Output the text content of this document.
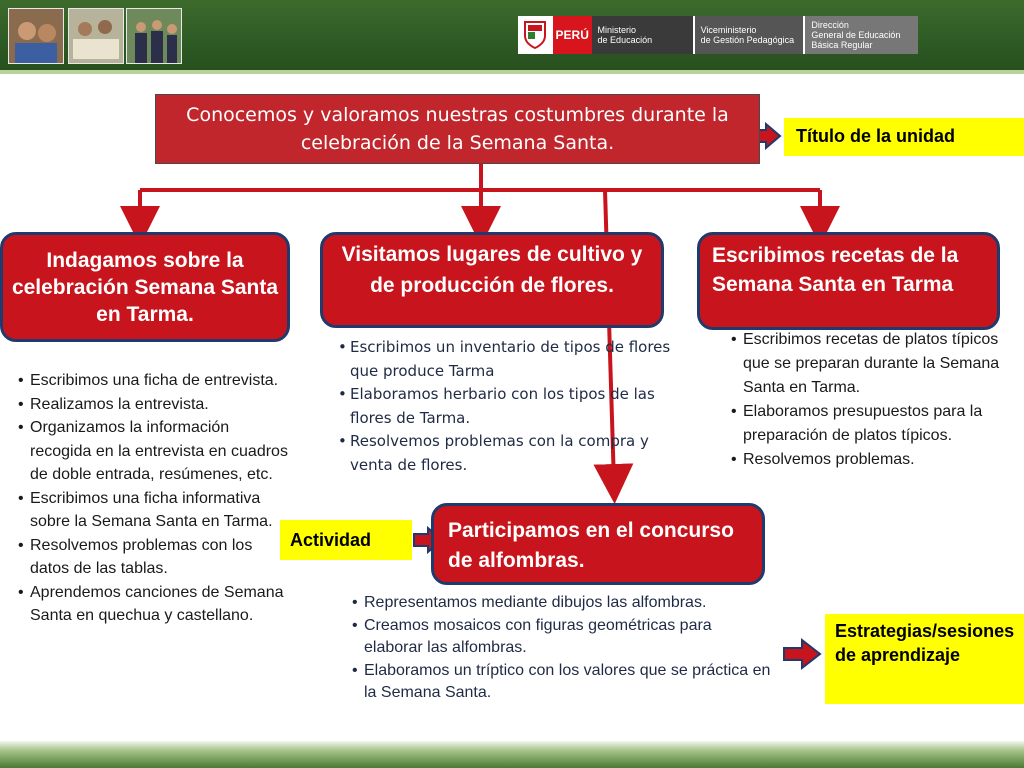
PERÚ Ministerio
de Educación
Viceministerio
de Gestión Pedagógica
Dirección
General de Educación
Básica Regular
Conocemos y valoramos nuestras costumbres durante la celebración de la Semana Santa.	Título de la unidad
Actividad
Estrategias/sesiones de aprendizaje
Indagamos sobre la celebración Semana Santa en Tarma.
Visitamos lugares de cultivo y de producción de flores.
Escribimos recetas de la Semana Santa en Tarma
Participamos en el concurso de alfombras.
• Escribimos una ficha de entrevista.
• Realizamos la entrevista.
• Organizamos la información recogida en la entrevista en cuadros de doble entrada, resúmenes, etc.
• Escribimos una ficha informativa sobre la Semana Santa en Tarma.
• Resolvemos problemas con los datos de las tablas.
• Aprendemos canciones de Semana Santa en quechua y castellano.
• Escribimos un inventario de tipos de flores que produce Tarma
• Elaboramos herbario con los tipos de las flores de Tarma.
• Resolvemos problemas con la compra y venta de flores.
• Escribimos recetas de platos típicos que se preparan durante la Semana Santa en Tarma.
• Elaboramos presupuestos para la preparación de platos típicos.
• Resolvemos problemas.
• Representamos mediante dibujos las alfombras.
• Creamos mosaicos con figuras geométricas para elaborar las alfombras.
• Elaboramos un tríptico con los valores que se práctica en la Semana Santa.
